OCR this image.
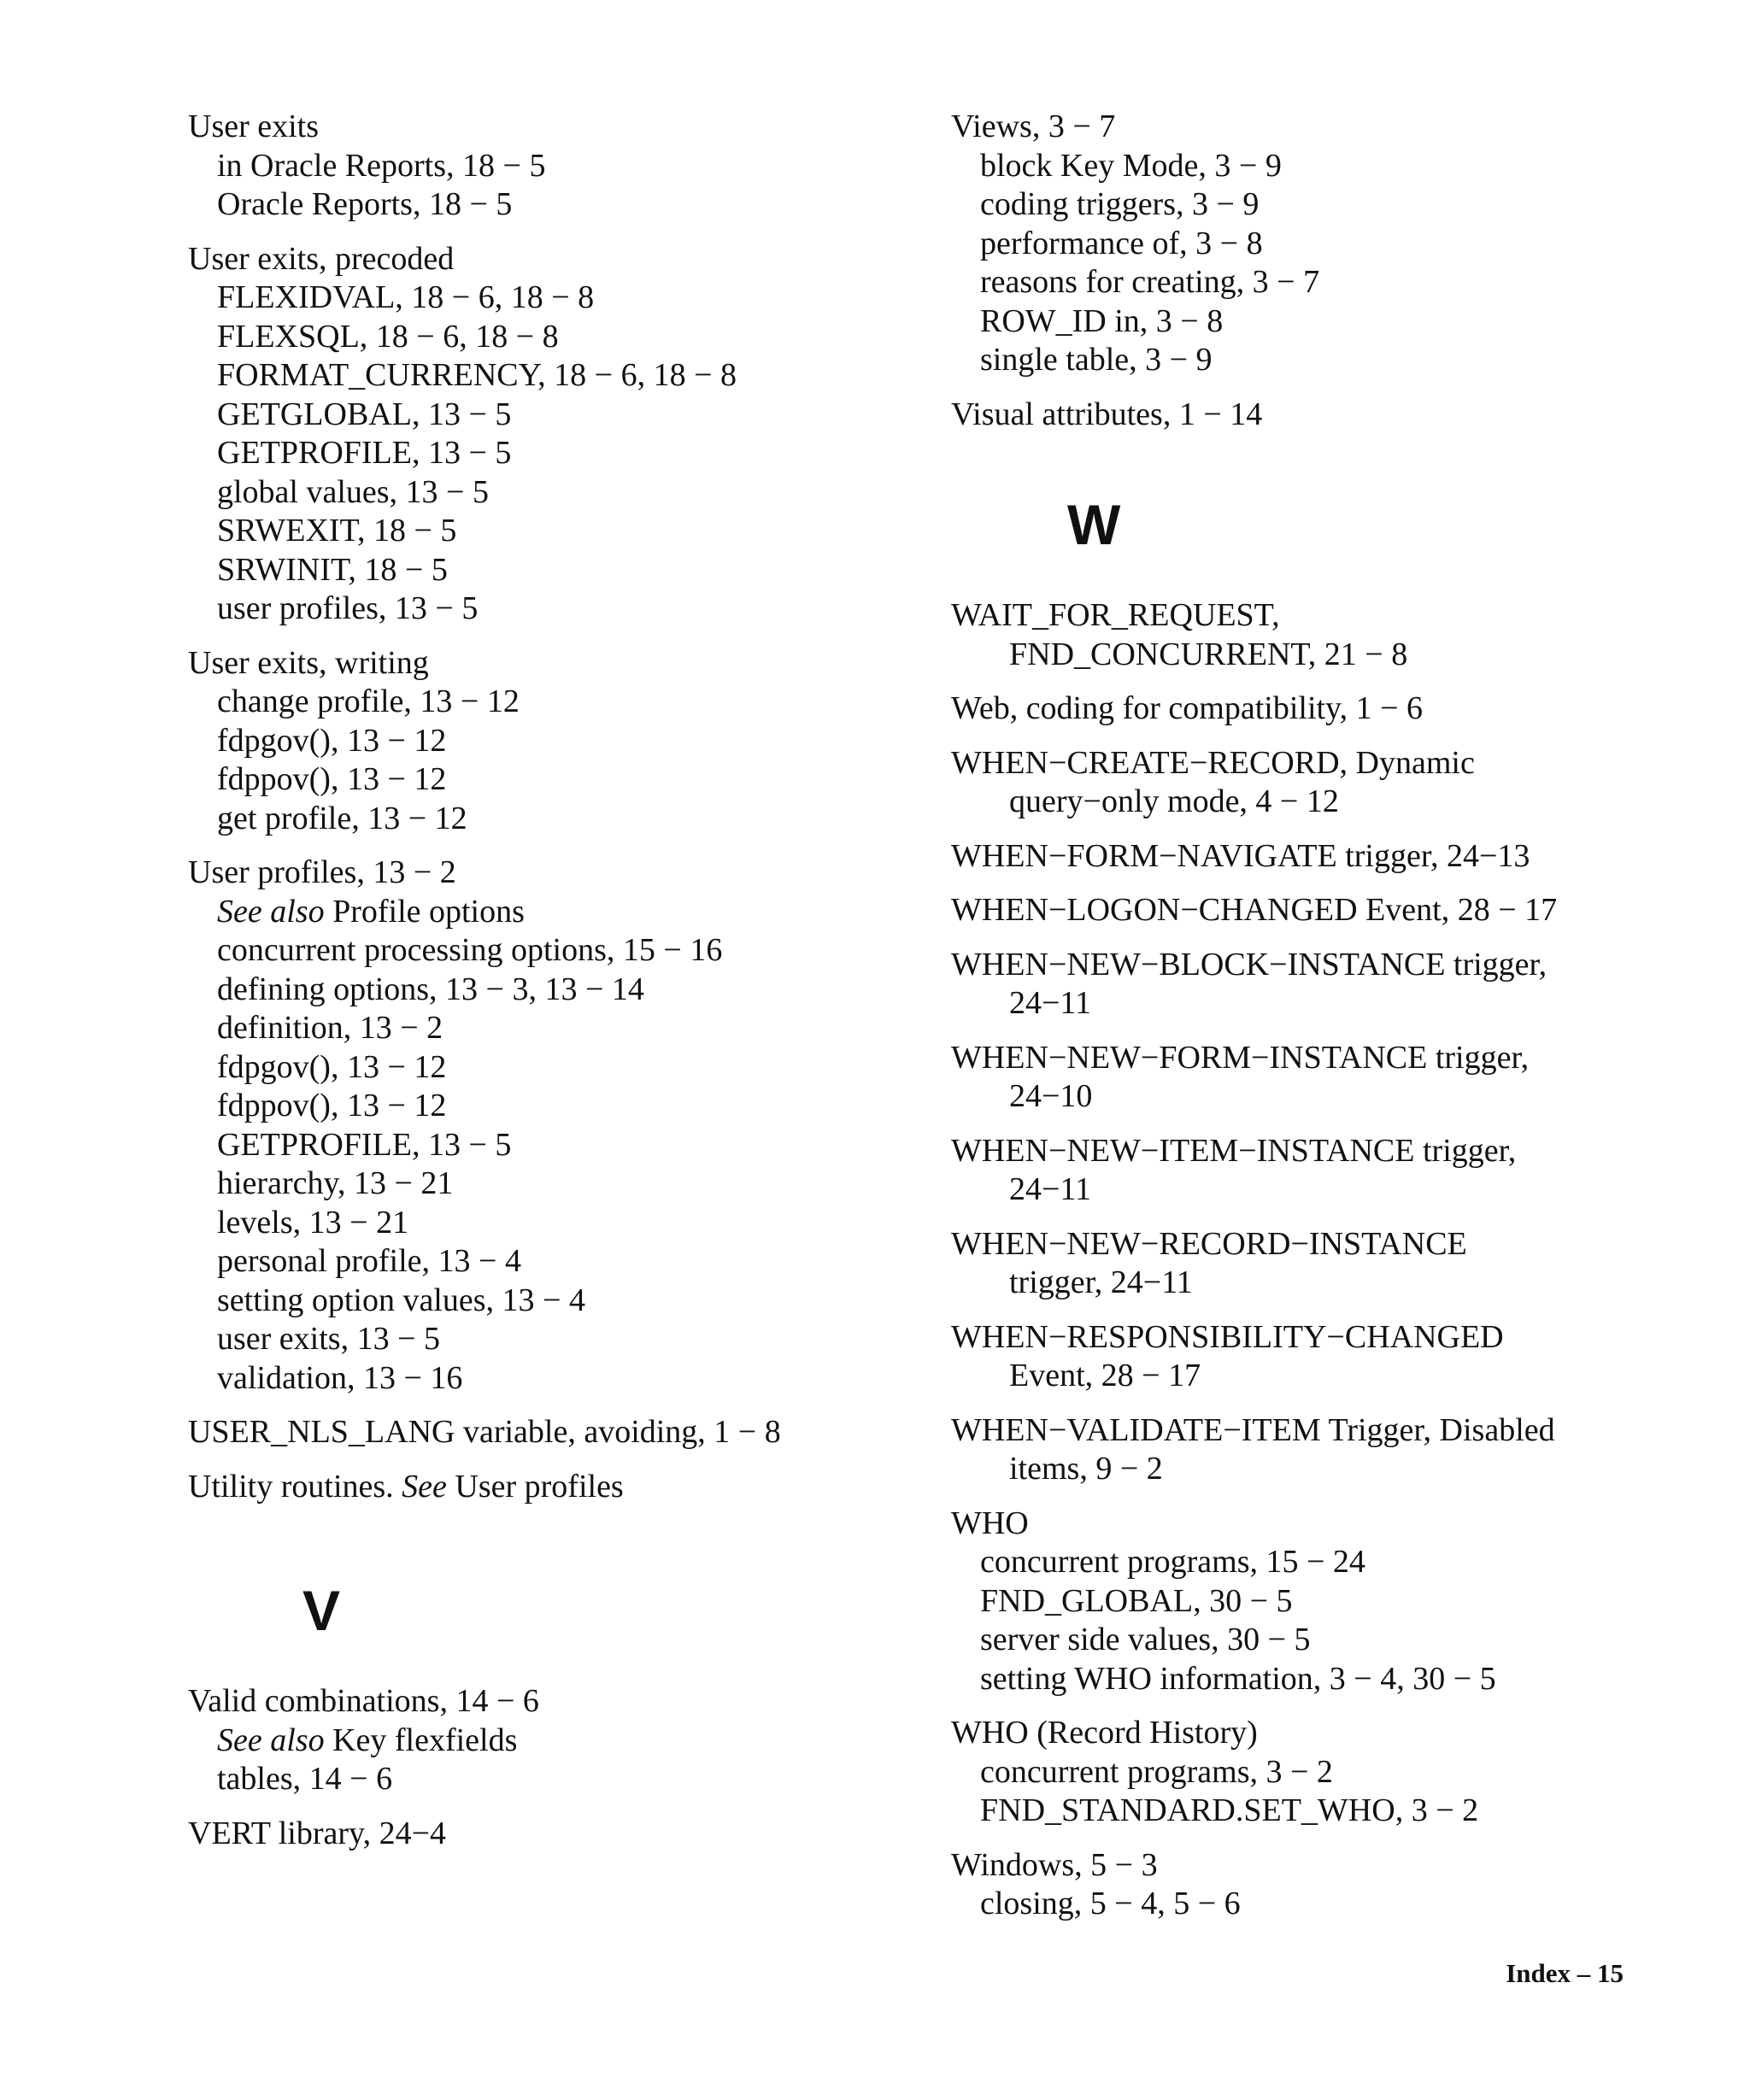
User exits
in Oracle Reports, 18 − 5
Oracle Reports, 18 − 5
User exits, precoded
FLEXIDVAL, 18 − 6, 18 − 8
FLEXSQL, 18 − 6, 18 − 8
FORMAT_CURRENCY, 18 − 6, 18 − 8
GETGLOBAL, 13 − 5
GETPROFILE, 13 − 5
global values, 13 − 5
SRWEXIT, 18 − 5
SRWINIT, 18 − 5
user profiles, 13 − 5
User exits, writing
change profile, 13 − 12
fdpgov(), 13 − 12
fdppov(), 13 − 12
get profile, 13 − 12
User profiles, 13 − 2
See also Profile options
concurrent processing options, 15 − 16
defining options, 13 − 3, 13 − 14
definition, 13 − 2
fdpgov(), 13 − 12
fdppov(), 13 − 12
GETPROFILE, 13 − 5
hierarchy, 13 − 21
levels, 13 − 21
personal profile, 13 − 4
setting option values, 13 − 4
user exits, 13 − 5
validation, 13 − 16
USER_NLS_LANG variable, avoiding, 1 − 8
Utility routines. See User profiles
V
Valid combinations, 14 − 6
See also Key flexfields
tables, 14 − 6
VERT library, 24−4
Views, 3 − 7
block Key Mode, 3 − 9
coding triggers, 3 − 9
performance of, 3 − 8
reasons for creating, 3 − 7
ROW_ID in, 3 − 8
single table, 3 − 9
Visual attributes, 1 − 14
W
WAIT_FOR_REQUEST,
FND_CONCURRENT, 21 − 8
Web, coding for compatibility, 1 − 6
WHEN−CREATE−RECORD, Dynamic
query−only mode, 4 − 12
WHEN−FORM−NAVIGATE trigger, 24−13
WHEN−LOGON−CHANGED Event, 28 − 17
WHEN−NEW−BLOCK−INSTANCE trigger,
24−11
WHEN−NEW−FORM−INSTANCE trigger,
24−10
WHEN−NEW−ITEM−INSTANCE trigger,
24−11
WHEN−NEW−RECORD−INSTANCE
trigger, 24−11
WHEN−RESPONSIBILITY−CHANGED
Event, 28 − 17
WHEN−VALIDATE−ITEM Trigger, Disabled
items, 9 − 2
WHO
concurrent programs, 15 − 24
FND_GLOBAL, 30 − 5
server side values, 30 − 5
setting WHO information, 3 − 4, 30 − 5
WHO (Record History)
concurrent programs, 3 − 2
FND_STANDARD.SET_WHO, 3 − 2
Windows, 5 − 3
closing, 5 − 4, 5 − 6
Index – 15
